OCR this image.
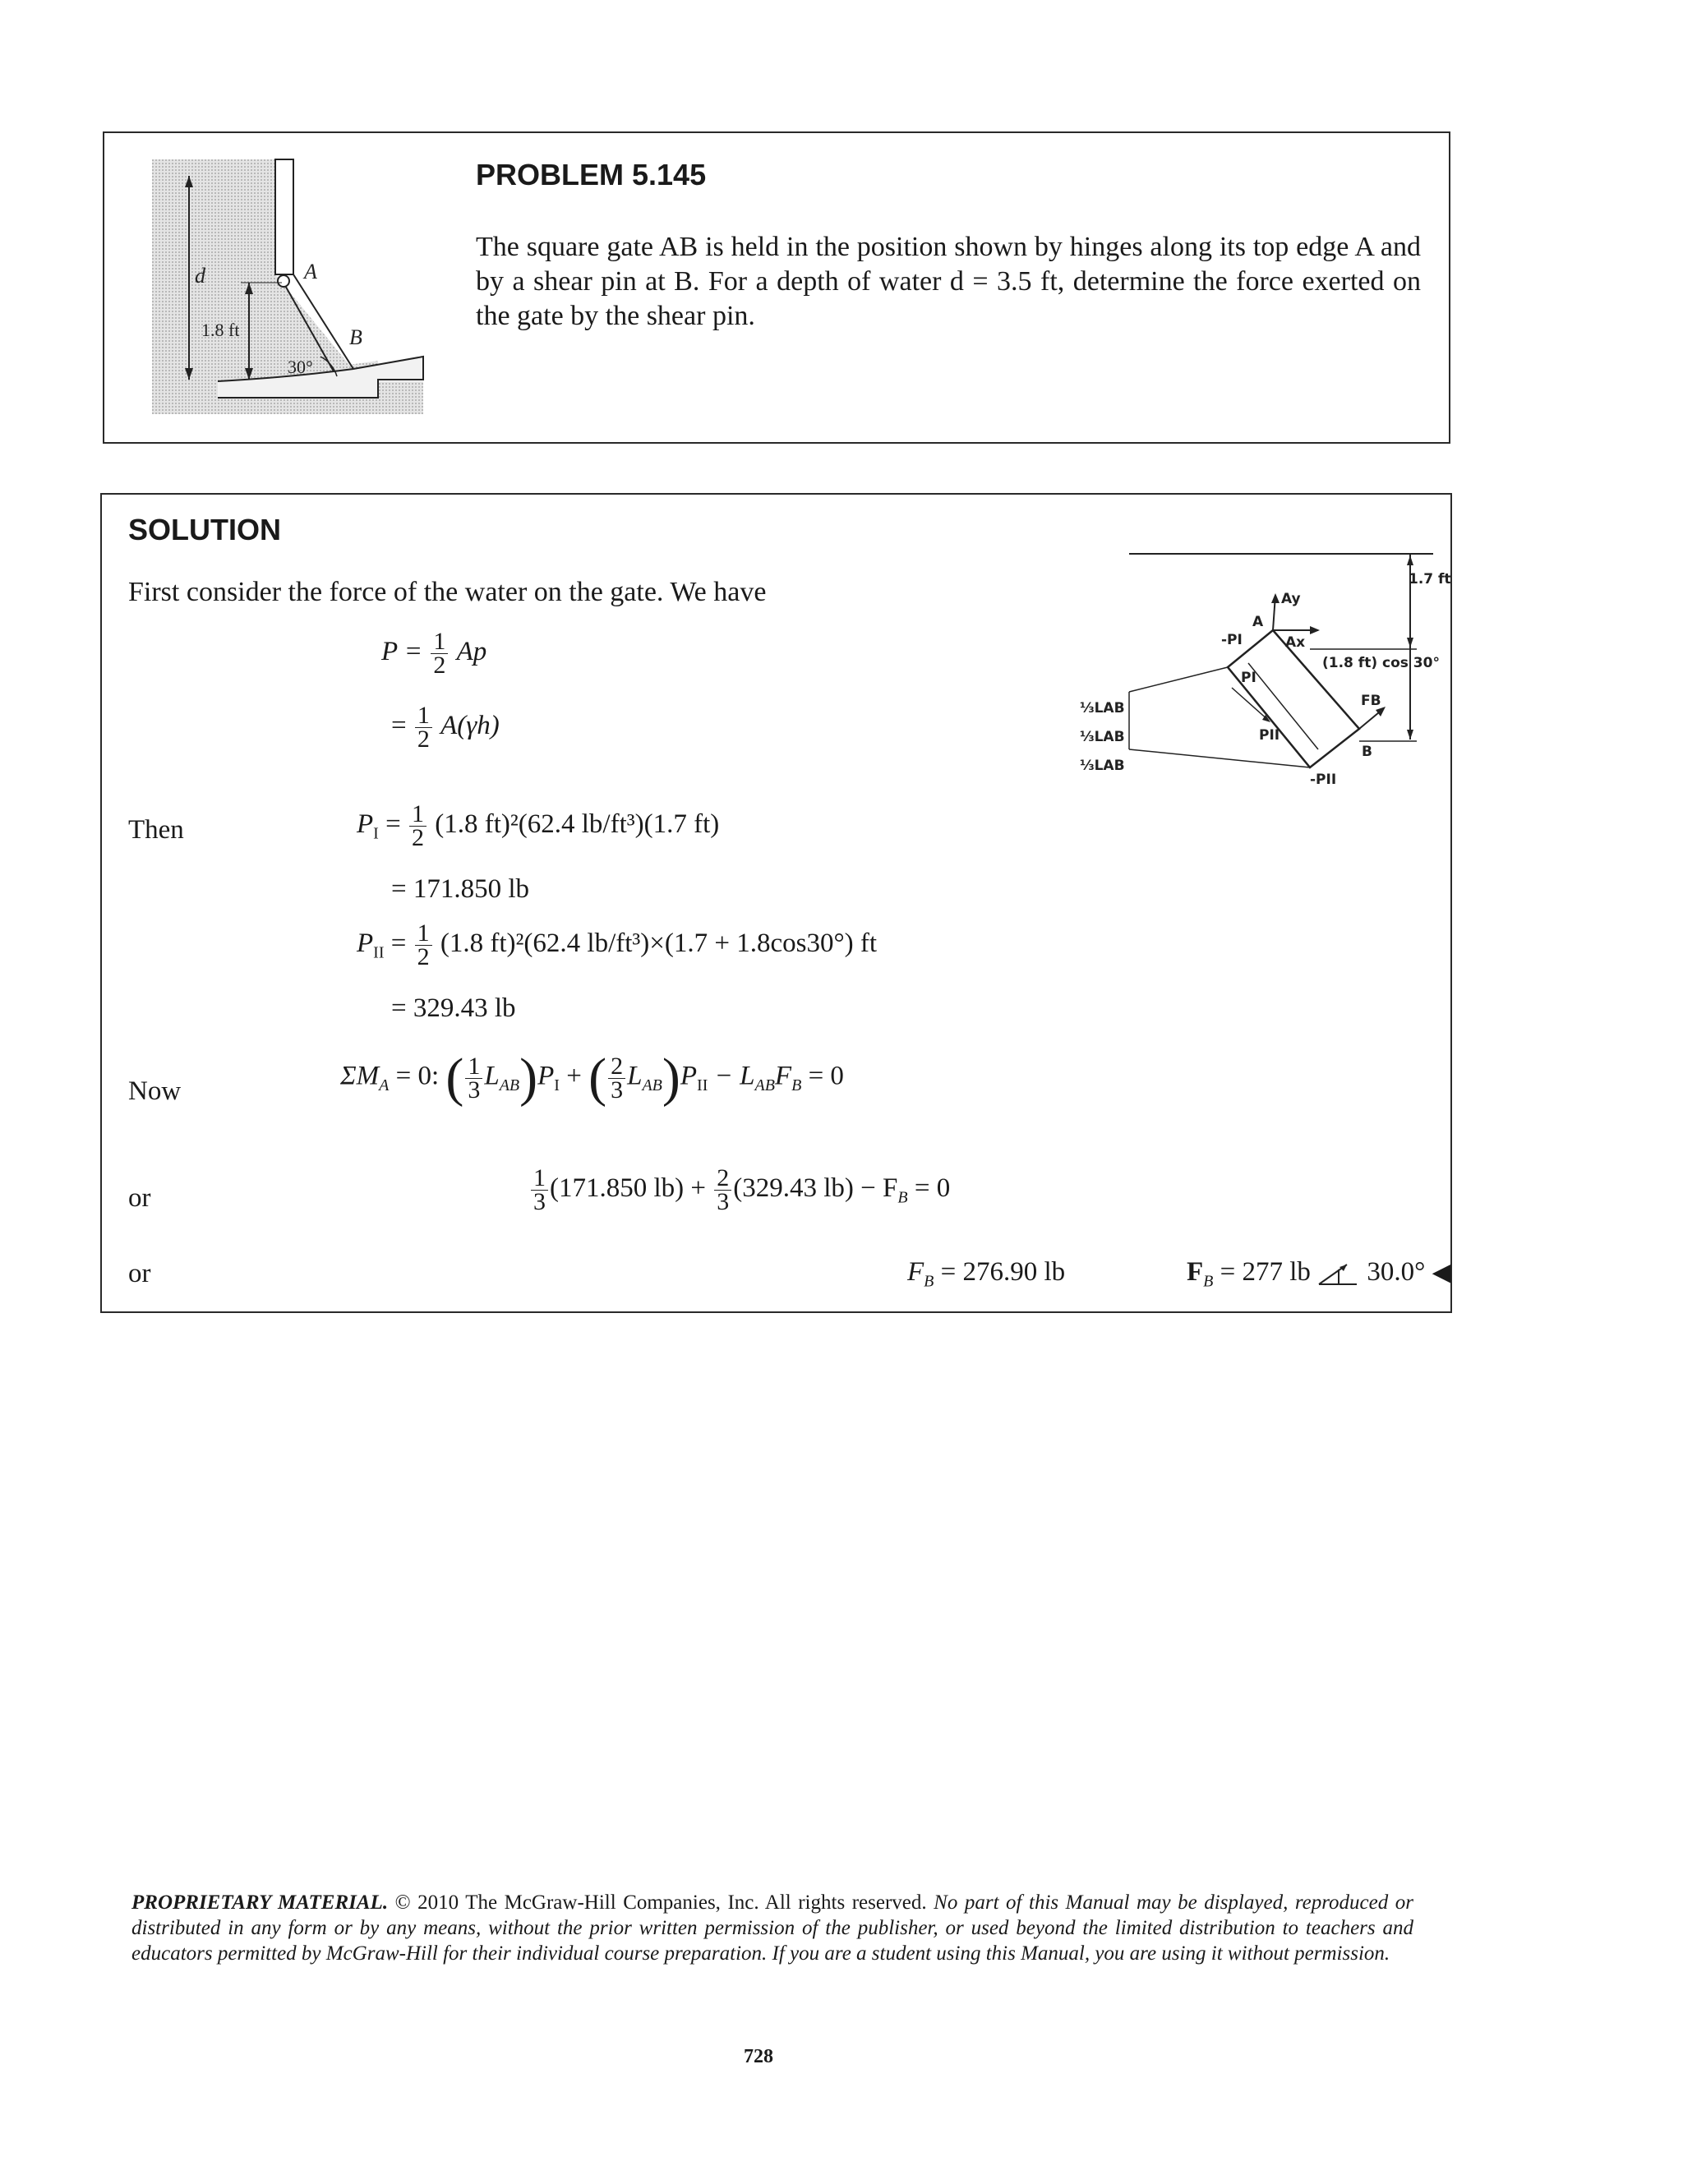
d	A
B
1.8 ft
30°
PROBLEM 5.145
The square gate AB is held in the position shown by hinges along its top edge A and by a shear pin at B. For a depth of water d = 3.5 ft, determine the force exerted on the gate by the shear pin.
SOLUTION
First consider the force of the water on the gate. We have
$P = \frac{1}{2}$ Ap
= $\frac{1}{2} A(\gamma h)$
Then	$P_I = \frac{1}{2} (1.8$ ft)²(62.4 lb/ft³)(1.7 ft)
= 171.850 lb
$P_{II} = \frac{1}{2} (1.8$ ft)²(62.4 lb/ft³)×(1.7 + 1.8cos30°) ft
= 329.43 lb
Now
$\Sigma M_A = 0$: ( $\frac{1}{3} L_{AB})P_I$ + ( $\frac{2}{3} L_{AB})P_{II} - L_{AB}F_B = 0$
or	$\frac{1}{3} (171.850$ $lb) + \frac{2}{3} (329.43$ $lb) - F_B = 0$
or	$F_B = 276.90$ lb	$F_B = 277$ lb 30.0° ◀
1.7 ft
(1.8 ft) cos 30°
Ay
Ax
A
B
FB
PI
PII
-PI
-PII
⅓LAB
⅓LAB
⅓LAB
PROPRIETARY MATERIAL. © 2010 The McGraw-Hill Companies, Inc. All rights reserved. No part of this Manual may be displayed, reproduced or distributed in any form or by any means, without the prior written permission of the publisher, or used beyond the limited distribution to teachers and educators permitted by McGraw-Hill for their individual course preparation. If you are a student using this Manual, you are using it without permission.
728
